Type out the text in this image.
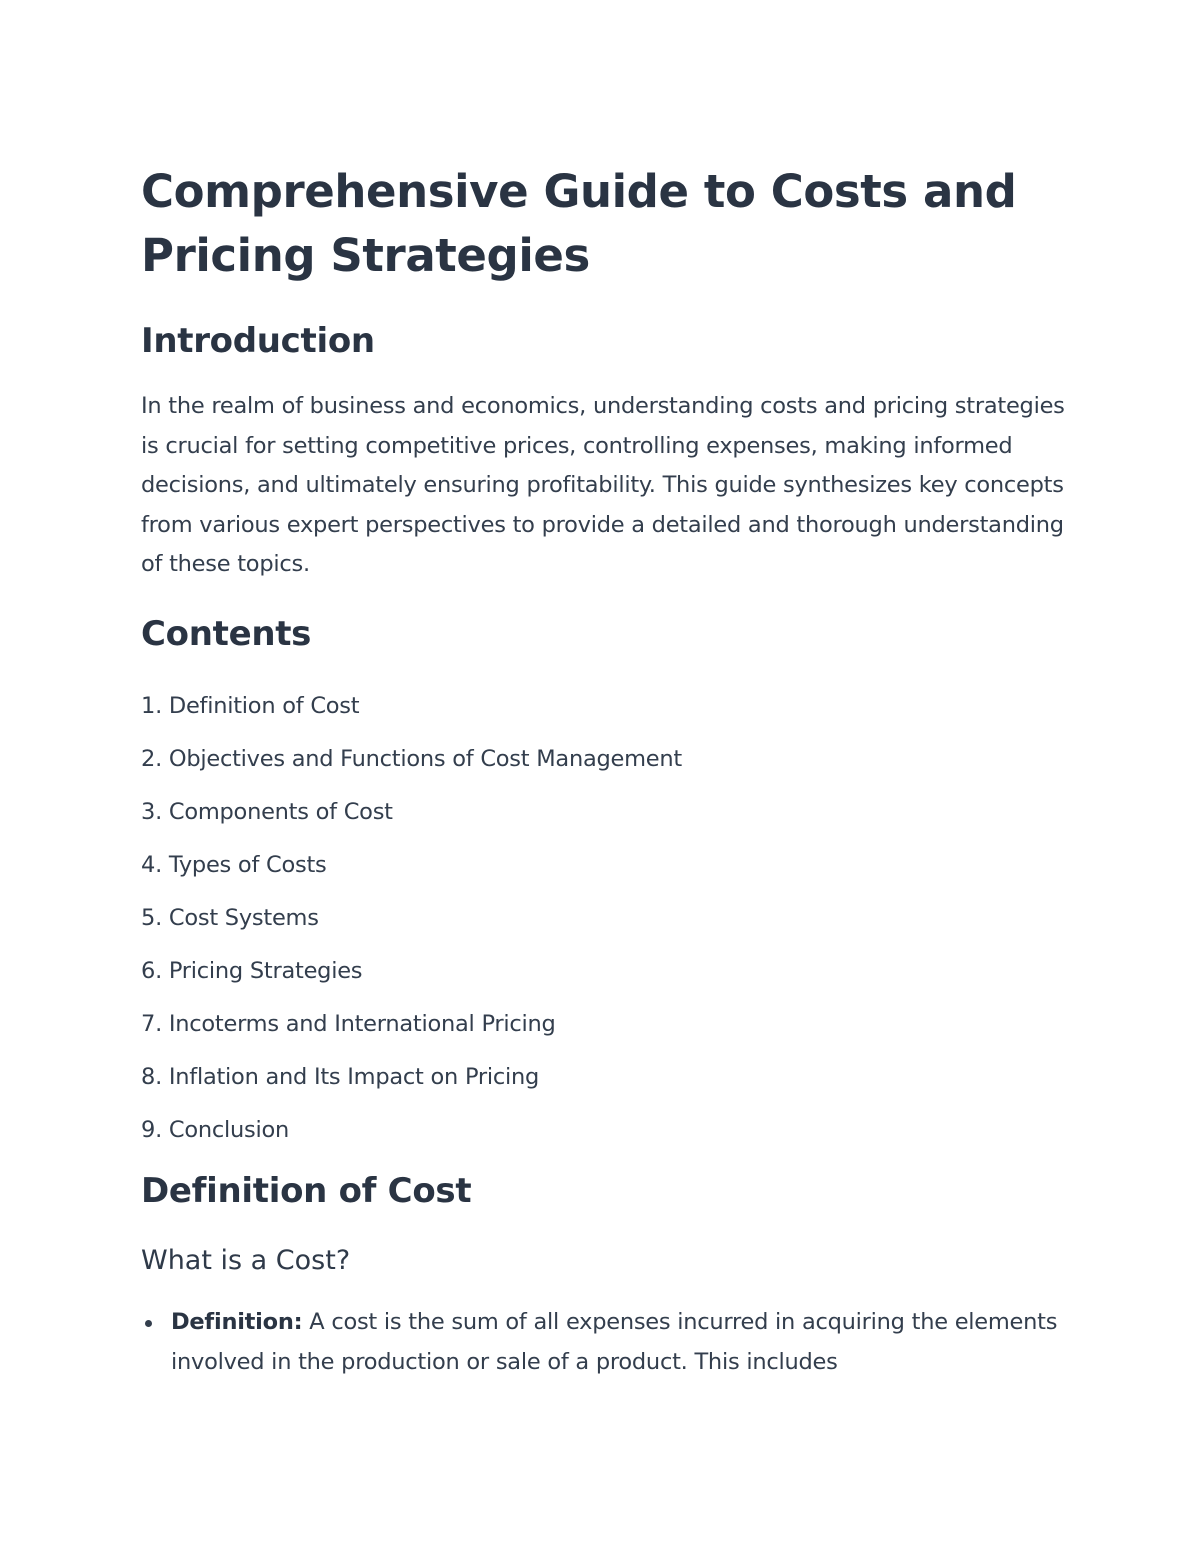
Comprehensive Guide to Costs and
Pricing Strategies
Introduction

In the realm of business and economics, understanding costs and pricing strategies is crucial for setting competitive prices, controlling expenses, making informed decisions, and ultimately ensuring profitability. This guide synthesizes key concepts from various expert perspectives to provide a detailed and thorough understanding of these topics.

Contents
1. Definition of Cost
2. Objectives and Functions of Cost Management
3. Components of Cost
4. Types of Costs
5. Cost Systems
6. Pricing Strategies
7. Incoterms and International Pricing
8. Inflation and Its Impact on Pricing
9. Conclusion
Definition of Cost
What is a Cost?
Definition: A cost is the sum of all expenses incurred in acquiring the elements involved in the production or sale of a product. This includes
